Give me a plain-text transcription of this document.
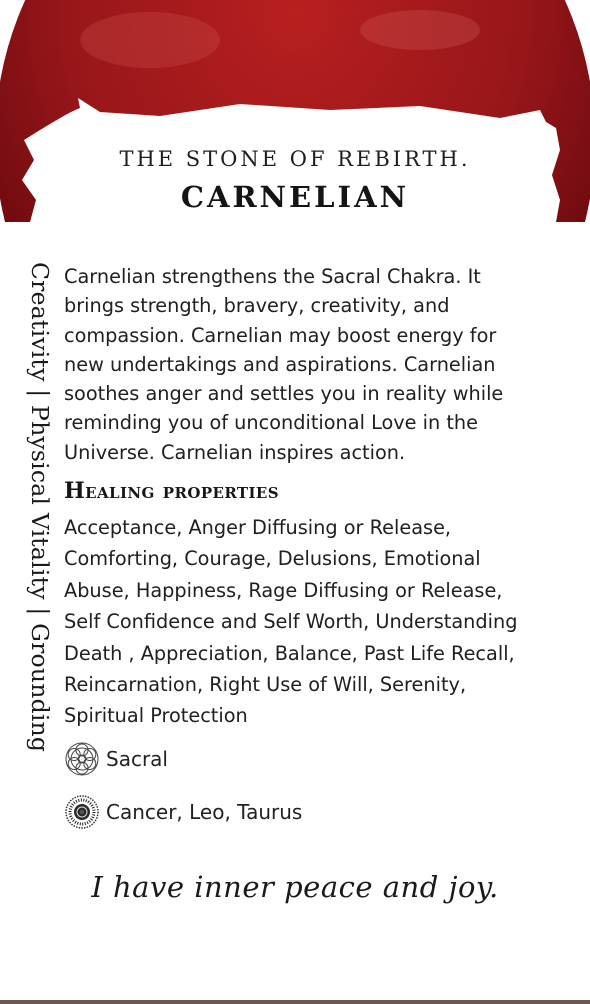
THE STONE OF REBIRTH.
CARNELIAN
Creativity | Physical Vitality | Grounding Carnelian strengthens the Sacral Chakra. It brings strength, bravery, creativity, and compassion. Carnelian may boost energy for new undertakings and aspirations. Carnelian soothes anger and settles you in reality while reminding you of unconditional Love in the Universe. Carnelian inspires action.
Healing properties
Acceptance, Anger Diffusing or Release, Comforting, Courage, Delusions, Emotional Abuse, Happiness, Rage Diffusing or Release, Self Confidence and Self Worth, Understanding Death , Appreciation, Balance, Past Life Recall, Reincarnation, Right Use of Will, Serenity, Spiritual Protection
Sacral
Cancer, Leo, Taurus
I have inner peace and joy.
